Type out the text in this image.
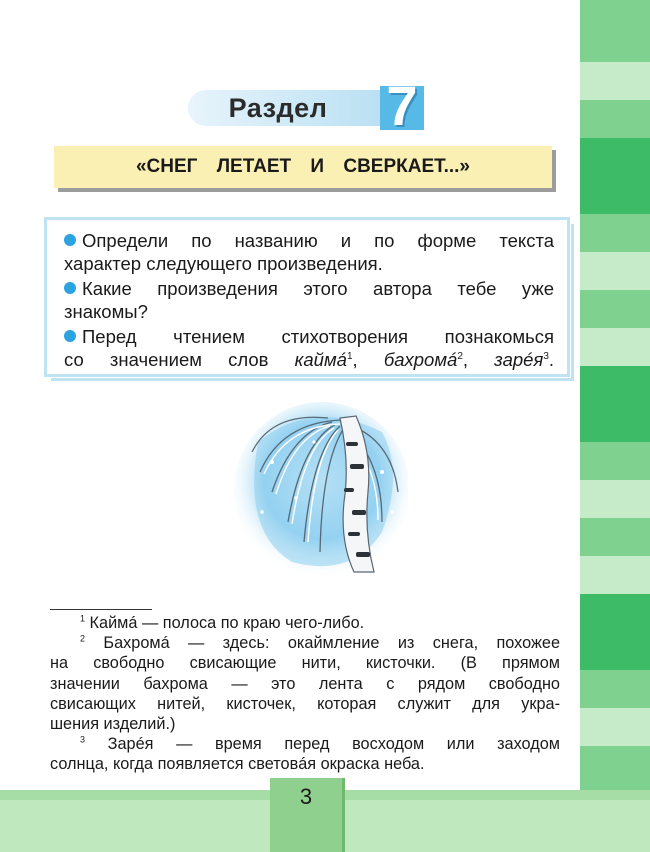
3
Раздел	7
«СНЕГ ЛЕТАЕТ И СВЕРКАЕТ...»
Определи по названию и по форме текста
характер следующего произведения.
Какие произведения этого автора тебе уже
знакомы?
Перед чтением стихотворения познакомься
со значением слов каймá$^1$, бахромá$^2$, зарéя$^3$.

$^1$ Каймá — полоса по краю чего-либо.

$^2$ Бахромá — здесь: окаймление из снега, похожее

на свободно свисающие нити, кисточки. (В прямом

значении бахрома — это лента с рядом свободно

свисающих нитей, кисточек, которая служит для укра-

шения изделий.)

$^3$ Зарéя — время перед восходом или заходом

солнца, когда появляется световáя окраска неба.
